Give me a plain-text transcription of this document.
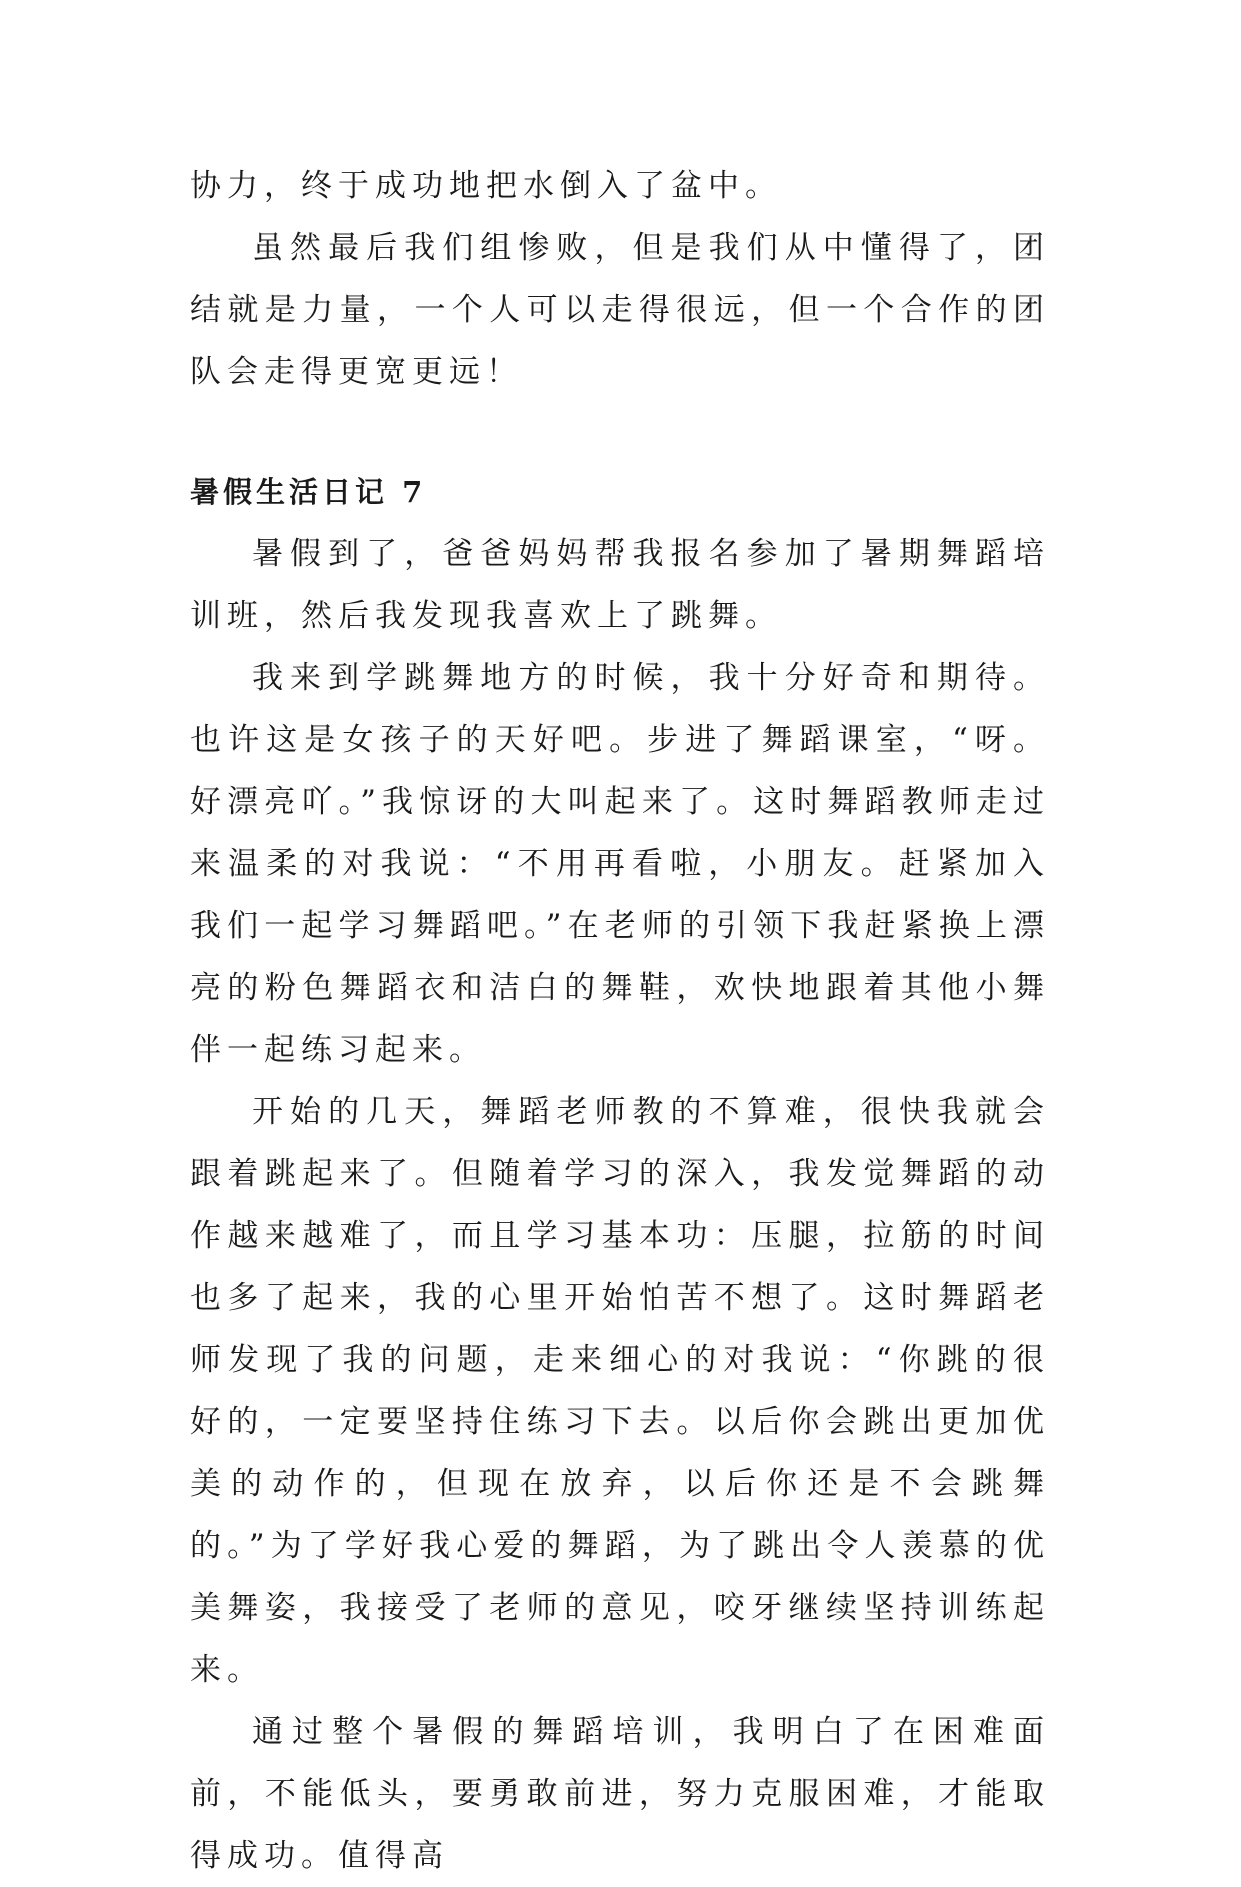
协力，终于成功地把水倒入了盆中。

虽然最后我们组惨败，但是我们从中懂得了，团结就是力量，一个人可以走得很远，但一个合作的团队会走得更宽更远！

暑假生活日记 7

暑假到了，爸爸妈妈帮我报名参加了暑期舞蹈培训班，然后我发现我喜欢上了跳舞。

我来到学跳舞地方的时候，我十分好奇和期待。也许这是女孩子的天好吧。步进了舞蹈课室，“呀。好漂亮吖。”我惊讶的大叫起来了。这时舞蹈教师走过来温柔的对我说：“不用再看啦，小朋友。赶紧加入我们一起学习舞蹈吧。”在老师的引领下我赶紧换上漂亮的粉色舞蹈衣和洁白的舞鞋，欢快地跟着其他小舞伴一起练习起来。

开始的几天，舞蹈老师教的不算难，很快我就会跟着跳起来了。但随着学习的深入，我发觉舞蹈的动作越来越难了，而且学习基本功：压腿，拉筋的时间也多了起来，我的心里开始怕苦不想了。这时舞蹈老师发现了我的问题，走来细心的对我说：“你跳的很好的，一定要坚持住练习下去。以后你会跳出更加优美的动作的，但现在放弃，以后你还是不会跳舞的。”为了学好我心爱的舞蹈，为了跳出令人羡慕的优美舞姿，我接受了老师的意见，咬牙继续坚持训练起来。

通过整个暑假的舞蹈培训，我明白了在困难面前，不能低头，要勇敢前进，努力克服困难，才能取得成功。值得高
